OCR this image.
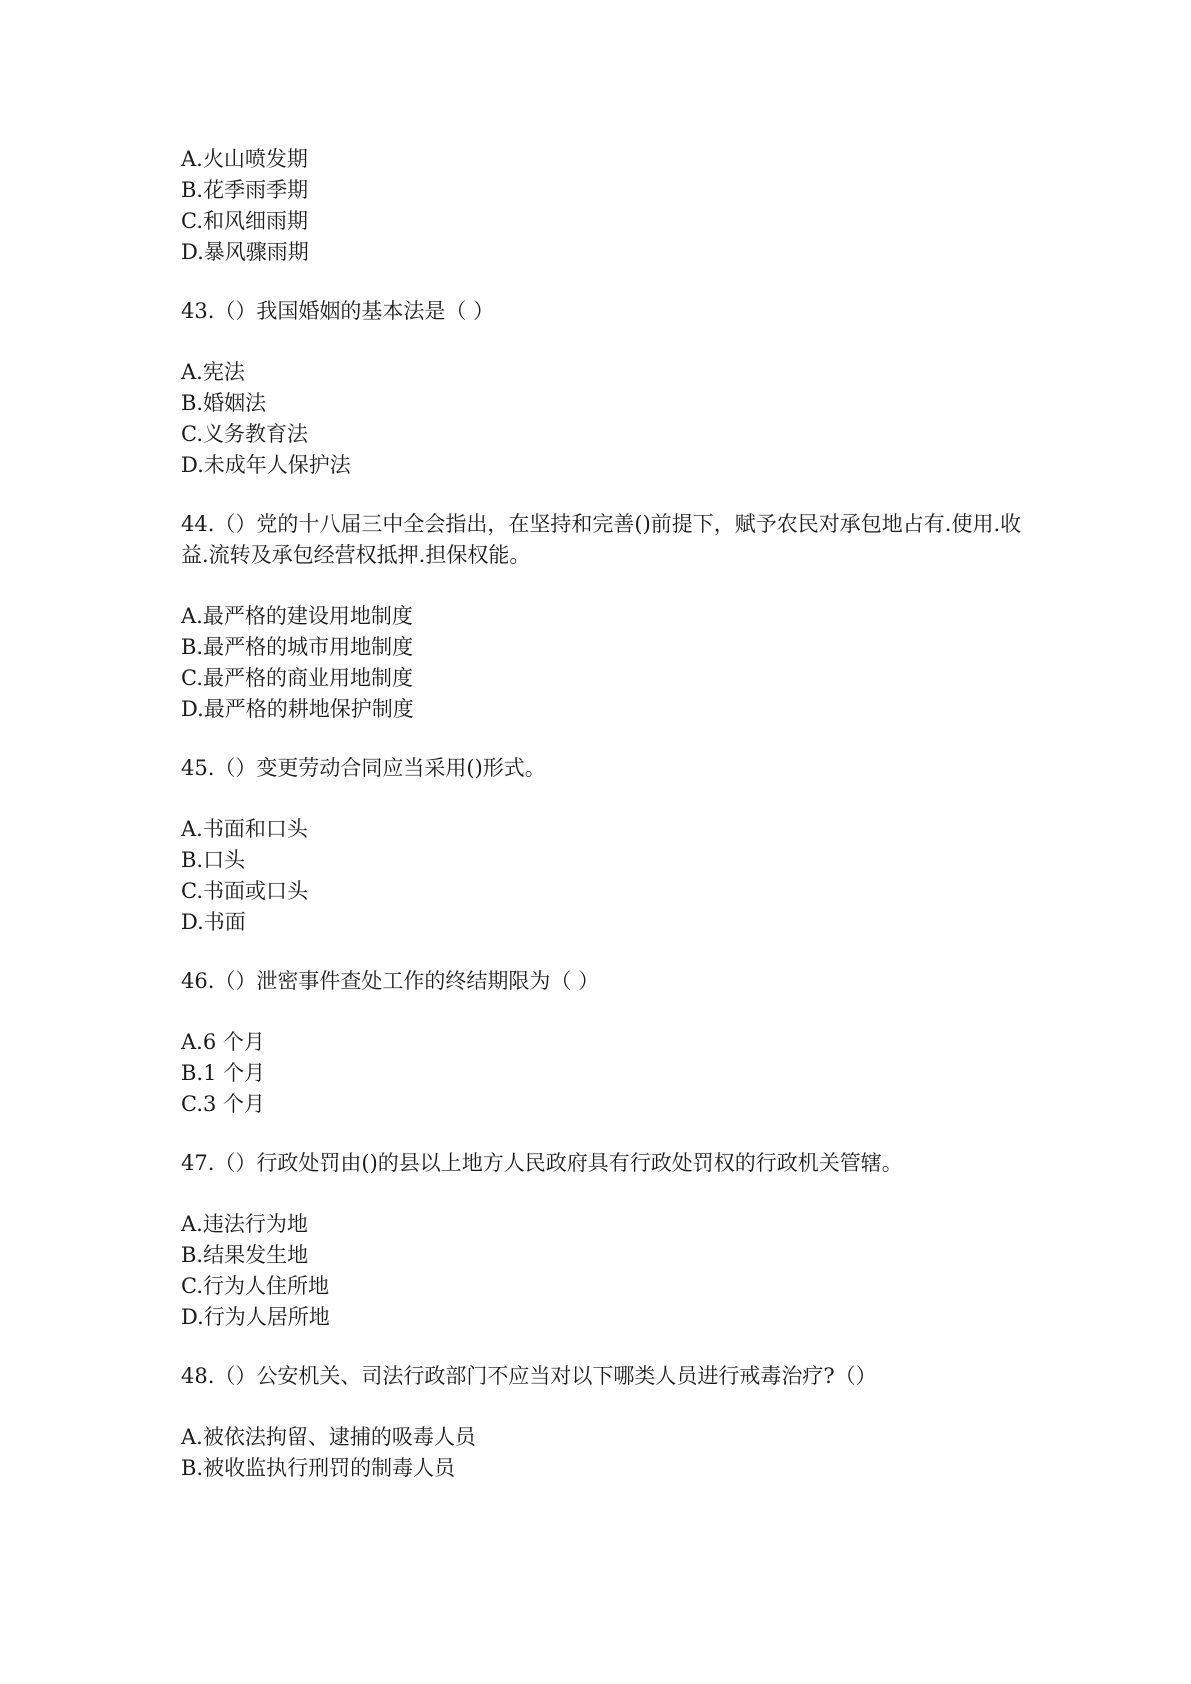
A.火山喷发期
B.花季雨季期
C.和风细雨期
D.暴风骤雨期
43.（）我国婚姻的基本法是（ ）
A.宪法
B.婚姻法
C.义务教育法
D.未成年人保护法
44.（）党的十八届三中全会指出，在坚持和完善()前提下，赋予农民对承包地占有.使用.收益.流转及承包经营权抵押.担保权能。
A.最严格的建设用地制度
B.最严格的城市用地制度
C.最严格的商业用地制度
D.最严格的耕地保护制度
45.（）变更劳动合同应当采用()形式。
A.书面和口头
B.口头
C.书面或口头
D.书面
46.（）泄密事件查处工作的终结期限为（ ）
A.6 个月
B.1 个月
C.3 个月
47.（）行政处罚由()的县以上地方人民政府具有行政处罚权的行政机关管辖。
A.违法行为地
B.结果发生地
C.行为人住所地
D.行为人居所地
48.（）公安机关、司法行政部门不应当对以下哪类人员进行戒毒治疗?（）
A.被依法拘留、逮捕的吸毒人员
B.被收监执行刑罚的制毒人员
